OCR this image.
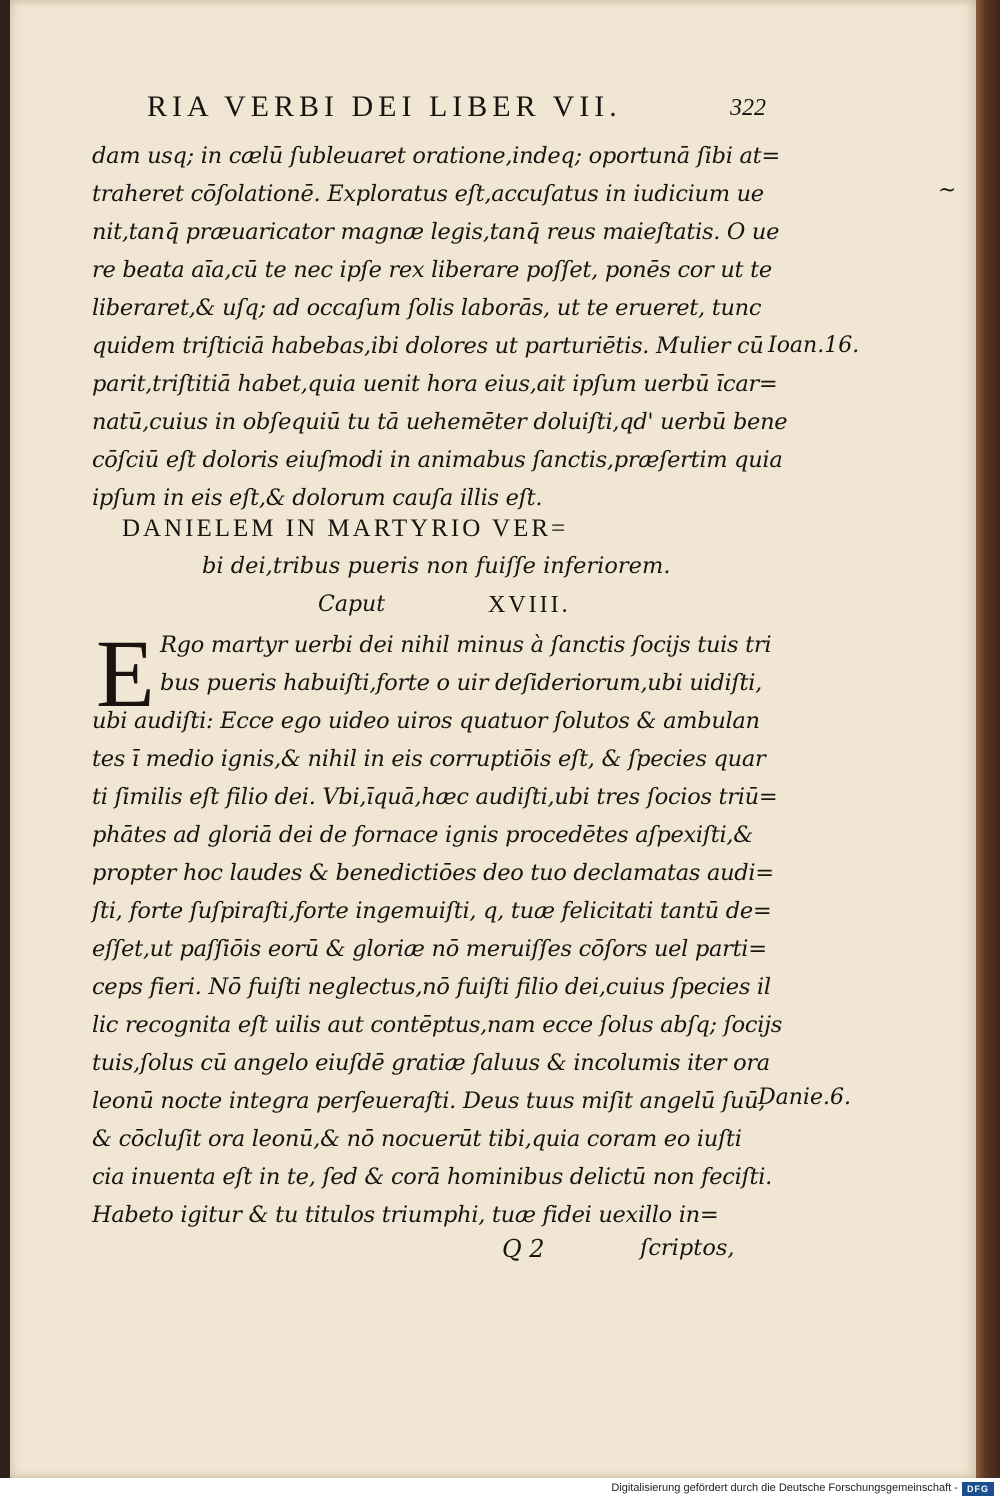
RIA VERBI DEI LIBER VII.	322
dam usq; in cælū ſubleuaret oratione,indeq; oportunā ſibi at=
traheret cōſolationē. Exploratus eſt,accuſatus in iudicium ue
nit,tanq̄ præuaricator magnæ legis,tanq̄ reus maieſtatis. O ue
re beata aīa,cū te nec ipſe rex liberare poſſet, ponēs cor ut te
liberaret,& uſq; ad occaſum ſolis laborās, ut te erueret, tunc
quidem triſticiā habebas,ibi dolores ut parturiētis. Mulier cū
parit,triſtitiā habet,quia uenit hora eius,ait ipſum uerbū īcar=
natū,cuius in obſequiū tu tā uehemēter doluiſti,qd' uerbū bene
cōſciū eſt doloris eiuſmodi in animabus ſanctis,præſertim quia
ipſum in eis eſt,& dolorum cauſa illis eſt.
Ioan.16.
Danie.6.
~
DANIELEM IN MARTYRIO VER=
bi dei,tribus pueris non fuiſſe inferiorem.
Caput	XVIII.
E Rgo martyr uerbi dei nihil minus à ſanctis ſocijs tuis tri
bus pueris habuiſti,forte o uir deſideriorum,ubi uidiſti,
ubi audiſti: Ecce ego uideo uiros quatuor ſolutos & ambulan
tes ī medio ignis,& nihil in eis corruptiōis eſt, & ſpecies quar
ti ſimilis eſt filio dei. Vbi,īquā,hæc audiſti,ubi tres ſocios triū=
phātes ad gloriā dei de fornace ignis procedētes aſpexiſti,&
propter hoc laudes & benedictiōes deo tuo declamatas audi=
ſti, forte ſuſpiraſti,forte ingemuiſti, q, tuæ felicitati tantū de=
eſſet,ut paſſiōis eorū & gloriæ nō meruiſſes cōſors uel parti=
ceps fieri. Nō fuiſti neglectus,nō fuiſti filio dei,cuius ſpecies il
lic recognita eſt uilis aut contēptus,nam ecce ſolus abſq; ſocijs
tuis,ſolus cū angelo eiuſdē gratiæ ſaluus & incolumis iter ora
leonū nocte integra perſeueraſti. Deus tuus miſit angelū ſuū,
& cōcluſit ora leonū,& nō nocuerūt tibi,quia coram eo iuſti
cia inuenta eſt in te, ſed & corā hominibus delictū non feciſti.
Habeto igitur & tu titulos triumphi, tuæ fidei uexillo in=
Q 2	ſcriptos,
Digitalisierung gefördert durch die Deutsche Forschungsgemeinschaft -	DFG
